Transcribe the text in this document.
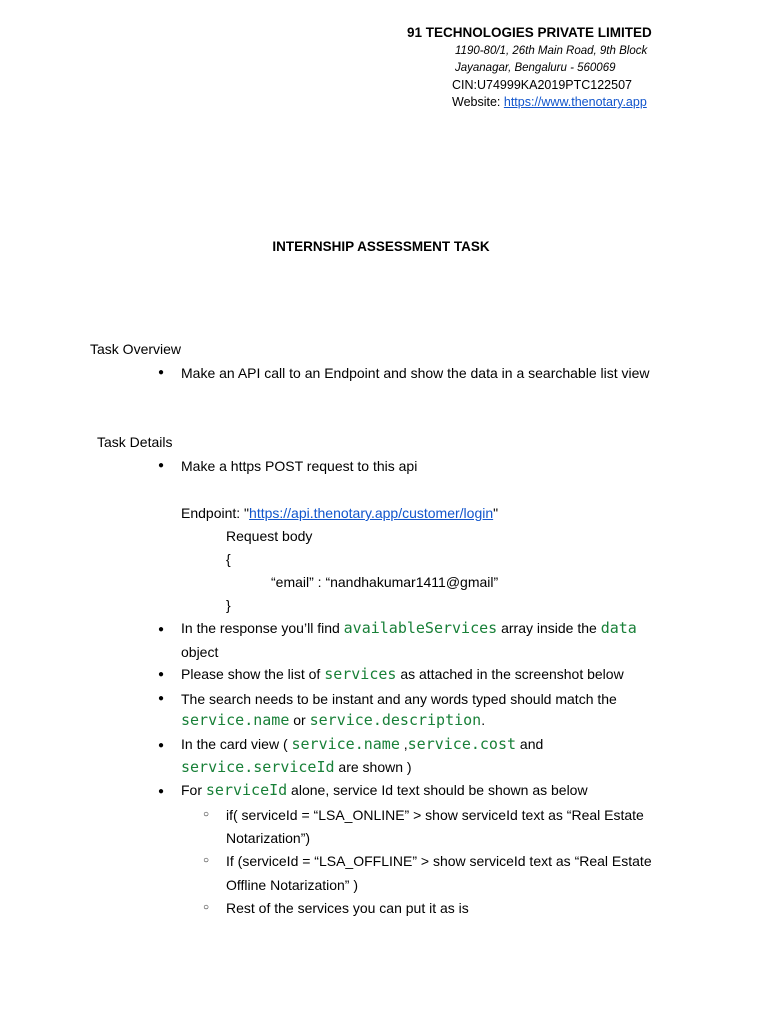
91 TECHNOLOGIES PRIVATE LIMITED
1190-80/1, 26th Main Road, 9th Block
Jayanagar, Bengaluru - 560069
CIN:U74999KA2019PTC122507
Website: https://www.thenotary.app
INTERNSHIP ASSESSMENT TASK
Task Overview
● Make an API call to an Endpoint and show the data in a searchable list view
Task Details
● Make a https POST request to this api
Endpoint: "https://api.thenotary.app/customer/login"
Request body
{
“email” : “nandhakumar1411@gmail”
}
● In the response you’ll find availableServices array inside the data
object
● Please show the list of services as attached in the screenshot below
● The search needs to be instant and any words typed should match the
service.name or service.description.
● In the card view ( service.name ,service.cost and
service.serviceId are shown )
● For serviceId alone, service Id text should be shown as below
○ if( serviceId = “LSA_ONLINE” > show serviceId text as “Real Estate
Notarization”)
○ If (serviceId = “LSA_OFFLINE” > show serviceId text as “Real Estate
Offline Notarization” )
○ Rest of the services you can put it as is
